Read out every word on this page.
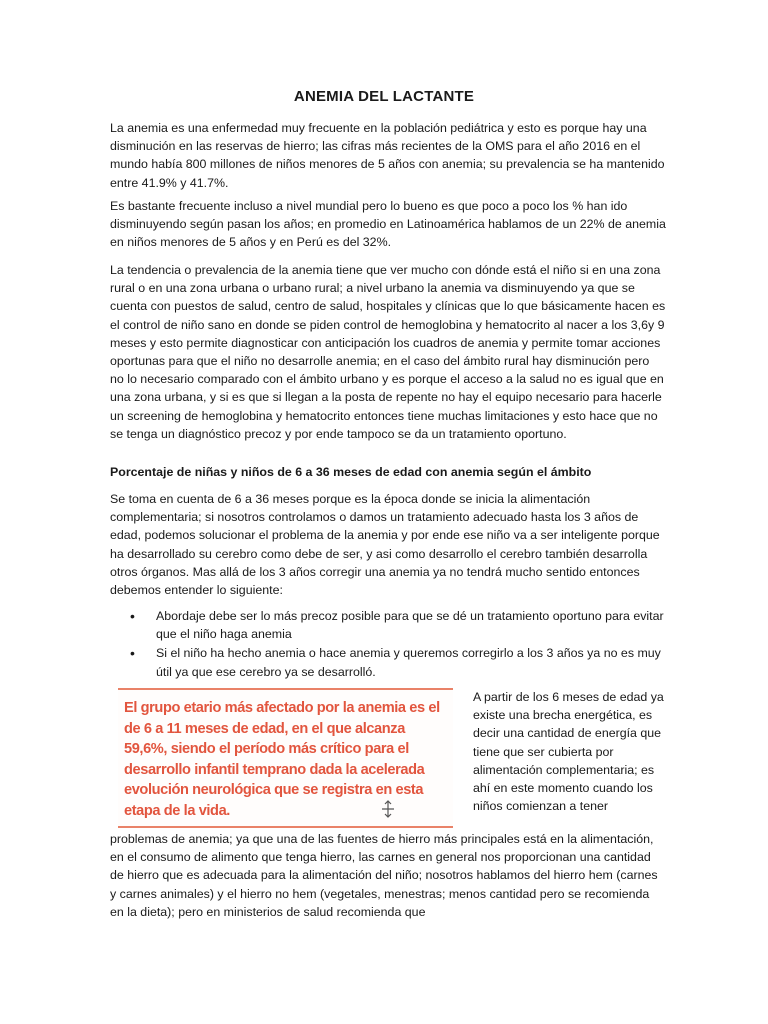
ANEMIA DEL LACTANTE

La anemia es una enfermedad muy frecuente en la población pediátrica y esto es porque hay una disminución en las reservas de hierro; las cifras más recientes de la OMS para el año 2016 en el mundo había 800 millones de niños menores de 5 años con anemia; su prevalencia se ha mantenido entre 41.9% y 41.7%.

Es bastante frecuente incluso a nivel mundial pero lo bueno es que poco a poco los % han ido disminuyendo según pasan los años; en promedio en Latinoamérica hablamos de un 22% de anemia en niños menores de 5 años y en Perú es del 32%.

La tendencia o prevalencia de la anemia tiene que ver mucho con dónde está el niño si en una zona rural o en una zona urbana o urbano rural; a nivel urbano la anemia va disminuyendo ya que se cuenta con puestos de salud, centro de salud, hospitales y clínicas que lo que básicamente hacen es el control de niño sano en donde se piden control de hemoglobina y hematocrito al nacer a los 3,6y 9 meses y esto permite diagnosticar con anticipación los cuadros de anemia y permite tomar acciones oportunas para que el niño no desarrolle anemia; en el caso del ámbito rural hay disminución pero no lo necesario comparado con el ámbito urbano y es porque el acceso a la salud no es igual que en una zona urbana, y si es que si llegan a la posta de repente no hay el equipo necesario para hacerle un screening de hemoglobina y hematocrito entonces tiene muchas limitaciones y esto hace que no se tenga un diagnóstico precoz y por ende tampoco se da un tratamiento oportuno.

Porcentaje de niñas y niños de 6 a 36 meses de edad con anemia según el ámbito

Se toma en cuenta de 6 a 36 meses porque es la época donde se inicia la alimentación complementaria; si nosotros controlamos o damos un tratamiento adecuado hasta los 3 años de edad, podemos solucionar el problema de la anemia y por ende ese niño va a ser inteligente porque ha desarrollado su cerebro como debe de ser, y asi como desarrollo el cerebro también desarrolla otros órganos. Mas allá de los 3 años corregir una anemia ya no tendrá mucho sentido entonces debemos entender lo siguiente:

• Abordaje debe ser lo más precoz posible para que se dé un tratamiento oportuno para evitar que el niño haga anemia
• Si el niño ha hecho anemia o hace anemia y queremos corregirlo a los 3 años ya no es muy útil ya que ese cerebro ya se desarrolló.
El grupo etario más afectado por la anemia es el de 6 a 11 meses de edad, en el que alcanza 59,6%, siendo el período más crítico para el desarrollo infantil temprano dada la acelerada evolución neurológica que se registra en esta etapa de la vida.

A partir de los 6 meses de edad ya existe una brecha energética, es decir una cantidad de energía que tiene que ser cubierta por alimentación complementaria; es ahí en este momento cuando los niños comienzan a tener

problemas de anemia; ya que una de las fuentes de hierro más principales está en la alimentación, en el consumo de alimento que tenga hierro, las carnes en general nos proporcionan una cantidad de hierro que es adecuada para la alimentación del niño; nosotros hablamos del hierro hem (carnes y carnes animales) y el hierro no hem (vegetales, menestras; menos cantidad pero se recomienda en la dieta); pero en ministerios de salud recomienda que
